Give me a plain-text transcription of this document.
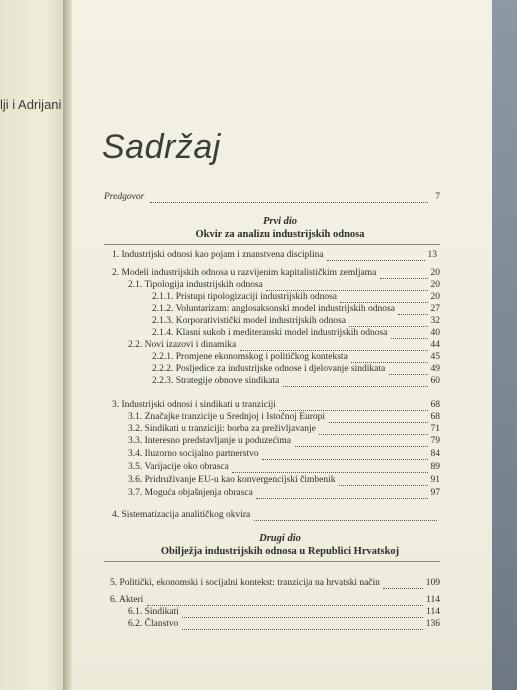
lji i Adrijani
Sadržaj
Predgovor	7
Prvi dio
Okvir za analizu industrijskih odnosa
Drugi dio
Obilježja industrijskih odnosa u Republici Hrvatskoj
1. Industrijski odnosi kao pojam i znanstvena disciplina	13
2. Modeli industrijskih odnosa u razvijenim kapitalističkim zemljama	20
2.1. Tipologija industrijskih odnosa	20
2.1.1. Pristupi tipologizaciji industrijskih odnosa	20
2.1.2. Voluntarizam: anglosaksonski model industrijskih odnosa	27
2.1.3. Korporativistički model industrijskih odnosa	32
2.1.4. Klasni sukob i mediteranski model industrijskih odnosa	40
2.2. Novi izazovi i dinamika	44
2.2.1. Promjene ekonomskog i političkog konteksta	45
2.2.2. Posljedice za industrijske odnose i djelovanje sindikata	49
2.2.3. Strategije obnove sindikata	60
3. Industrijski odnosi i sindikati u tranziciji	68
3.1. Značajke tranzicije u Srednjoj i Istočnoj Europi	68
3.2. Sindikati u tranziciji: borba za preživljavanje	71
3.3. Interesno predstavljanje u poduzećima	79
3.4. Iluzorno socijalno partnerstvo	84
3.5. Varijacije oko obrasca	89
3.6. Pridruživanje EU-u kao konvergencijski čimbenik	91
3.7. Moguća objašnjenja obrasca	97
4. Sistematizacija analitičkog okvira
5. Politički, ekonomski i socijalni kontekst: tranzicija na hrvatski način	109
6. Akteri	114
6.1. Sindikati	114
6.2. Članstvo	136
